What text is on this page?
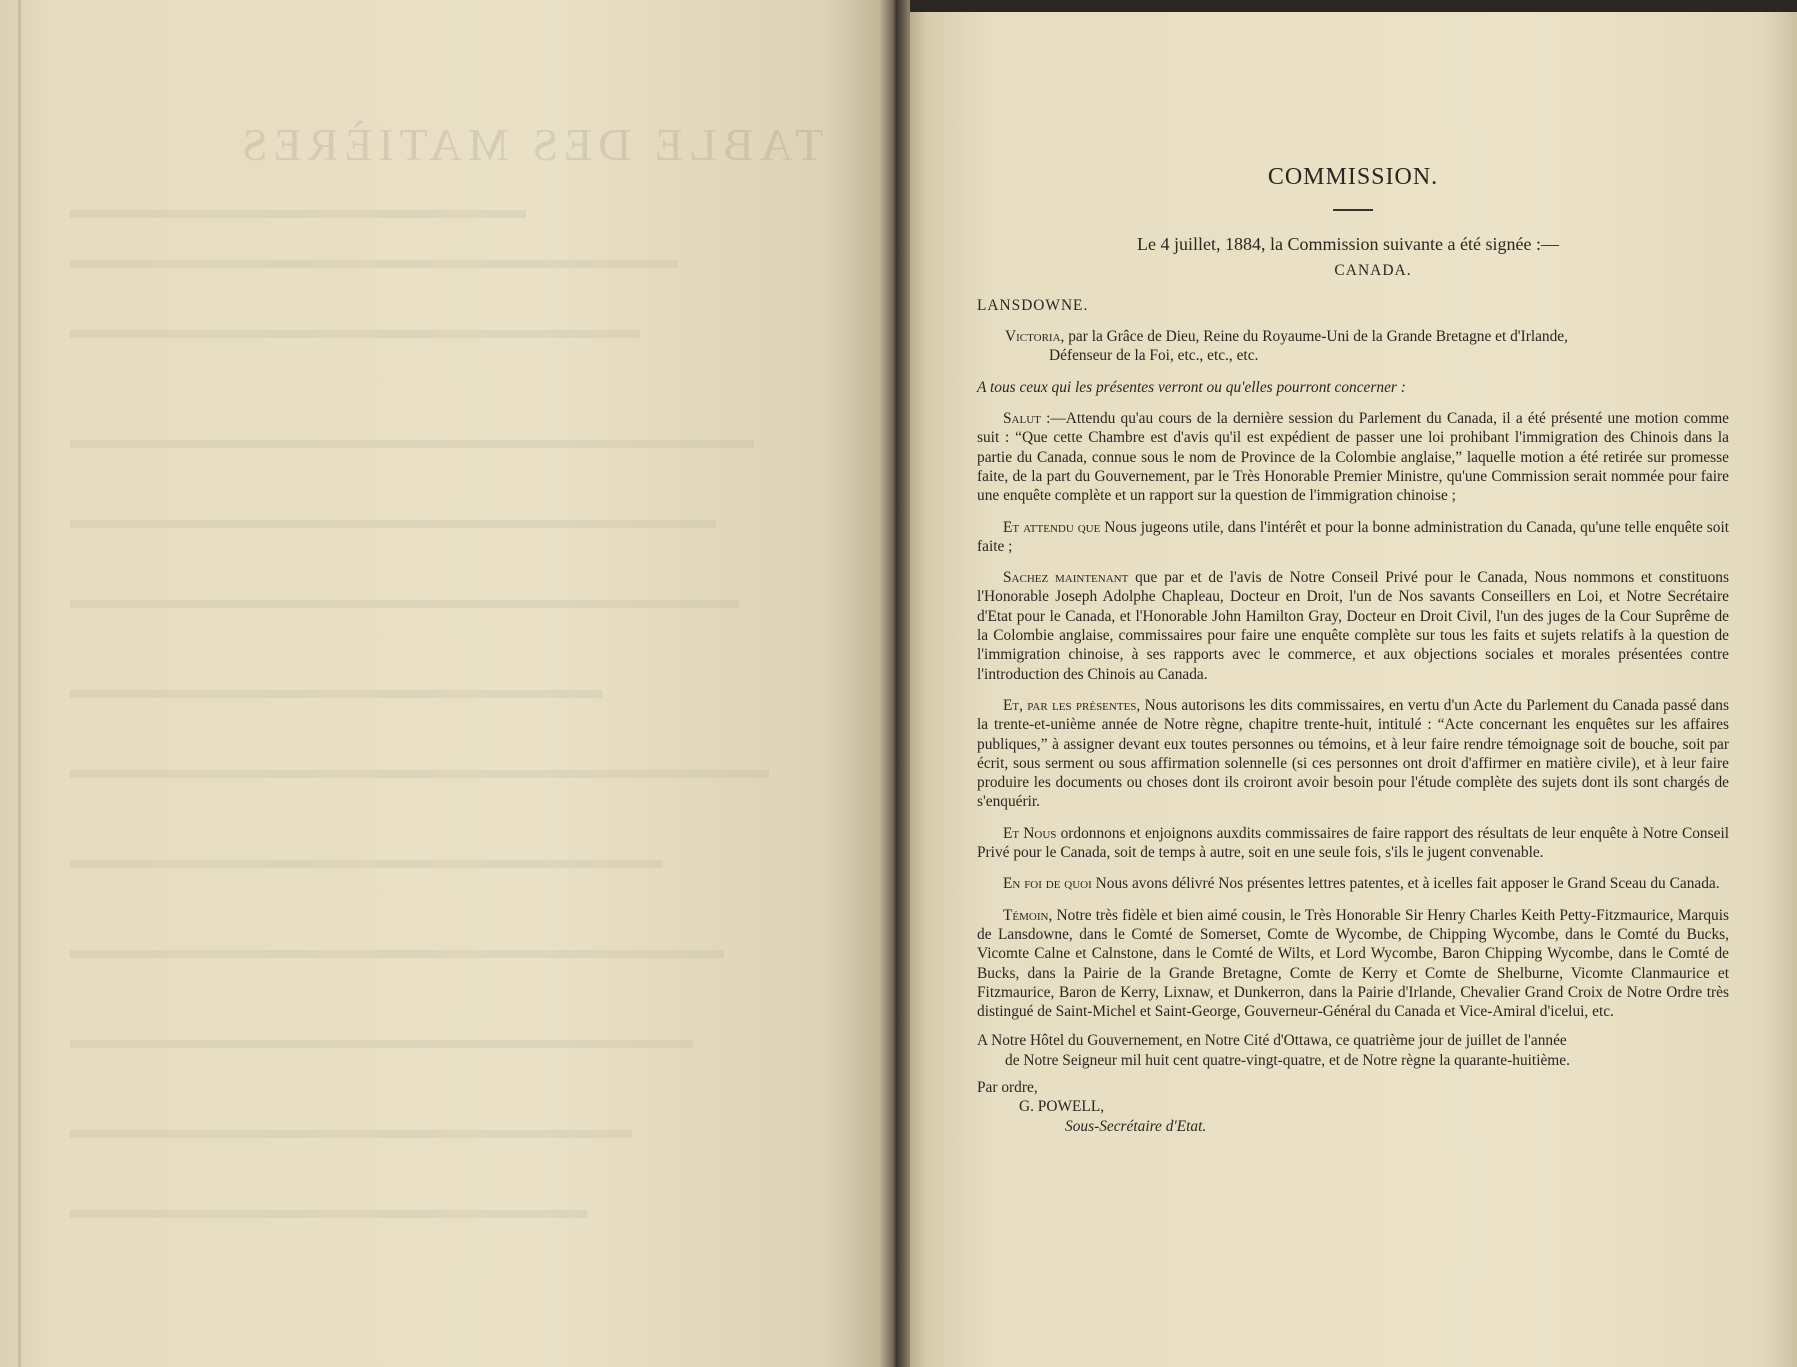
TABLE DES MATIÈRES
COMMISSION.
Le 4 juillet, 1884, la Commission suivante a été signée :—
CANADA.
LANSDOWNE.
Victoria, par la Grâce de Dieu, Reine du Royaume-Uni de la Grande Bretagne et d'Irlande,
Défenseur de la Foi, etc., etc., etc.
A tous ceux qui les présentes verront ou qu'elles pourront concerner :
Salut :—Attendu qu'au cours de la dernière session du Parlement du Canada, il a été présenté une motion comme suit : “Que cette Chambre est d'avis qu'il est expédient de passer une loi prohibant l'immigration des Chinois dans la partie du Canada, connue sous le nom de Province de la Colombie anglaise,” laquelle motion a été retirée sur promesse faite, de la part du Gouvernement, par le Très Honorable Premier Ministre, qu'une Commission serait nommée pour faire une enquête complète et un rapport sur la question de l'immigration chinoise ;
Et attendu que Nous jugeons utile, dans l'intérêt et pour la bonne administration du Canada, qu'une telle enquête soit faite ;
Sachez maintenant que par et de l'avis de Notre Conseil Privé pour le Canada, Nous nommons et constituons l'Honorable Joseph Adolphe Chapleau, Docteur en Droit, l'un de Nos savants Conseillers en Loi, et Notre Secrétaire d'Etat pour le Canada, et l'Honorable John Hamilton Gray, Docteur en Droit Civil, l'un des juges de la Cour Suprême de la Colombie anglaise, commissaires pour faire une enquête complète sur tous les faits et sujets relatifs à la question de l'immigration chinoise, à ses rapports avec le commerce, et aux objections sociales et morales présentées contre l'introduction des Chinois au Canada.
Et, par les présentes, Nous autorisons les dits commissaires, en vertu d'un Acte du Parlement du Canada passé dans la trente-et-unième année de Notre règne, chapitre trente-huit, intitulé : “Acte concernant les enquêtes sur les affaires publiques,” à assigner devant eux toutes personnes ou témoins, et à leur faire rendre témoignage soit de bouche, soit par écrit, sous serment ou sous affirmation solennelle (si ces personnes ont droit d'affirmer en matière civile), et à leur faire produire les documents ou choses dont ils croiront avoir besoin pour l'étude complète des sujets dont ils sont chargés de s'enquérir.
Et Nous ordonnons et enjoignons auxdits commissaires de faire rapport des résultats de leur enquête à Notre Conseil Privé pour le Canada, soit de temps à autre, soit en une seule fois, s'ils le jugent convenable.
En foi de quoi Nous avons délivré Nos présentes lettres patentes, et à icelles fait apposer le Grand Sceau du Canada.
Témoin, Notre très fidèle et bien aimé cousin, le Très Honorable Sir Henry Charles Keith Petty-Fitzmaurice, Marquis de Lansdowne, dans le Comté de Somerset, Comte de Wycombe, de Chipping Wycombe, dans le Comté du Bucks, Vicomte Calne et Calnstone, dans le Comté de Wilts, et Lord Wycombe, Baron Chipping Wycombe, dans le Comté de Bucks, dans la Pairie de la Grande Bretagne, Comte de Kerry et Comte de Shelburne, Vicomte Clanmaurice et Fitzmaurice, Baron de Kerry, Lixnaw, et Dunkerron, dans la Pairie d'Irlande, Chevalier Grand Croix de Notre Ordre très distingué de Saint-Michel et Saint-George, Gouverneur-Général du Canada et Vice-Amiral d'icelui, etc.
A Notre Hôtel du Gouvernement, en Notre Cité d'Ottawa, ce quatrième jour de juillet de l'année
de Notre Seigneur mil huit cent quatre-vingt-quatre, et de Notre règne la quarante-huitième.
Par ordre,
G. POWELL,
Sous-Secrétaire d'Etat.
